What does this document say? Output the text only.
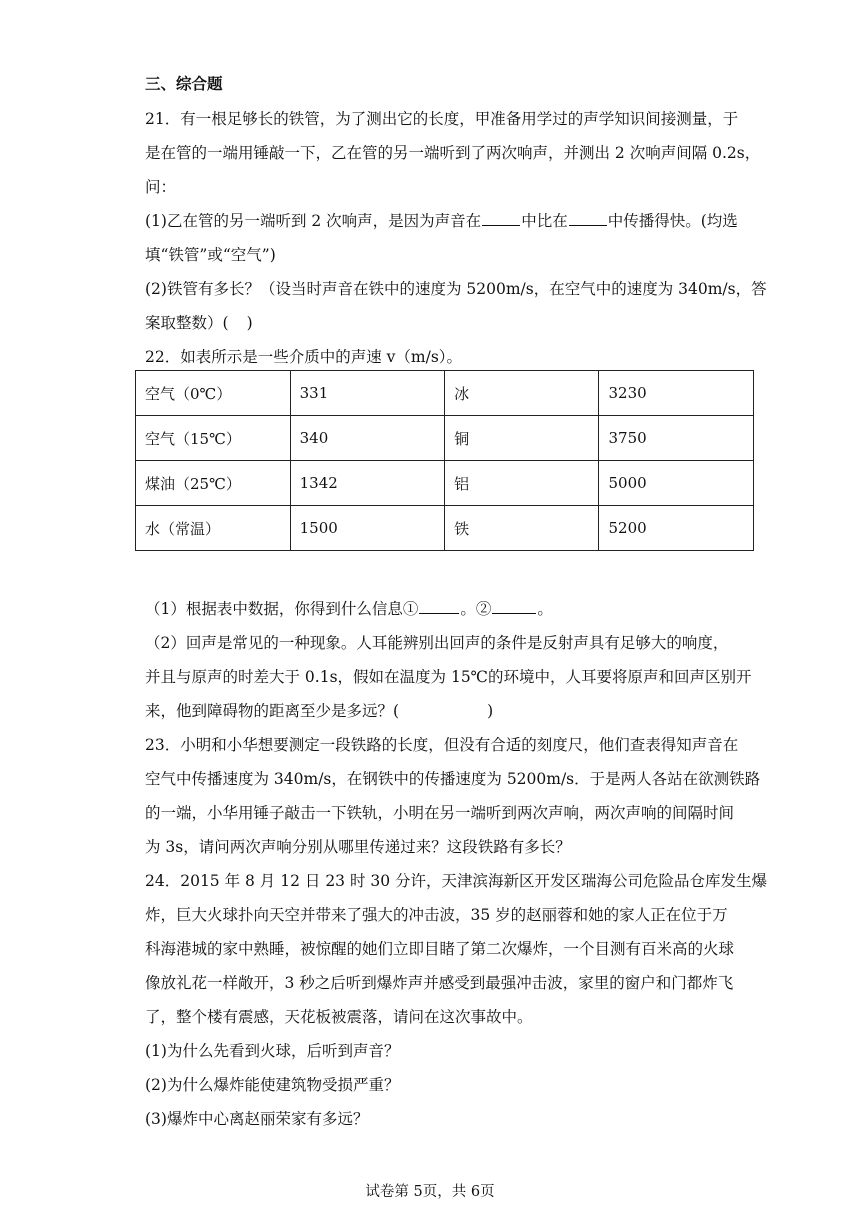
三、综合题
21．有一根足够长的铁管，为了测出它的长度，甲准备用学过的声学知识间接测量，于
是在管的一端用锤敲一下，乙在管的另一端听到了两次响声，并测出 2 次响声间隔 0.2s，
问：
(1)乙在管的另一端听到 2 次响声，是因为声音在	中比在	中传播得快。(均选
填“铁管”或“空气”)
(2)铁管有多长？（设当时声音在铁中的速度为 5200m/s，在空气中的速度为 340m/s，答
案取整数）( )
22．如表所示是一些介质中的声速 v（m/s）。
空气（0℃）	331	冰	3230
空气（15℃）	340	铜	3750
煤油（25℃）	1342	铝	5000
水（常温）	1500	铁	5200
（1）根据表中数据，你得到什么信息①	。②	。
（2）回声是常见的一种现象。人耳能辨别出回声的条件是反射声具有足够大的响度，
并且与原声的时差大于 0.1s，假如在温度为 15℃的环境中，人耳要将原声和回声区别开
来，他到障碍物的距离至少是多远？(	)
23．小明和小华想要测定一段铁路的长度，但没有合适的刻度尺，他们查表得知声音在
空气中传播速度为 340m/s，在钢铁中的传播速度为 5200m/s．于是两人各站在欲测铁路
的一端，小华用锤子敲击一下铁轨，小明在另一端听到两次声响，两次声响的间隔时间
为 3s，请问两次声响分别从哪里传递过来？这段铁路有多长？
24．2015 年 8 月 12 日 23 时 30 分许，天津滨海新区开发区瑞海公司危险品仓库发生爆
炸，巨大火球扑向天空并带来了强大的冲击波，35 岁的赵丽蓉和她的家人正在位于万
科海港城的家中熟睡，被惊醒的她们立即目睹了第二次爆炸，一个目测有百米高的火球
像放礼花一样敞开，3 秒之后听到爆炸声并感受到最强冲击波，家里的窗户和门都炸飞
了，整个楼有震感，天花板被震落，请问在这次事故中。
(1)为什么先看到火球，后听到声音？
(2)为什么爆炸能使建筑物受损严重？
(3)爆炸中心离赵丽荣家有多远？
试卷第 5页，共 6页
